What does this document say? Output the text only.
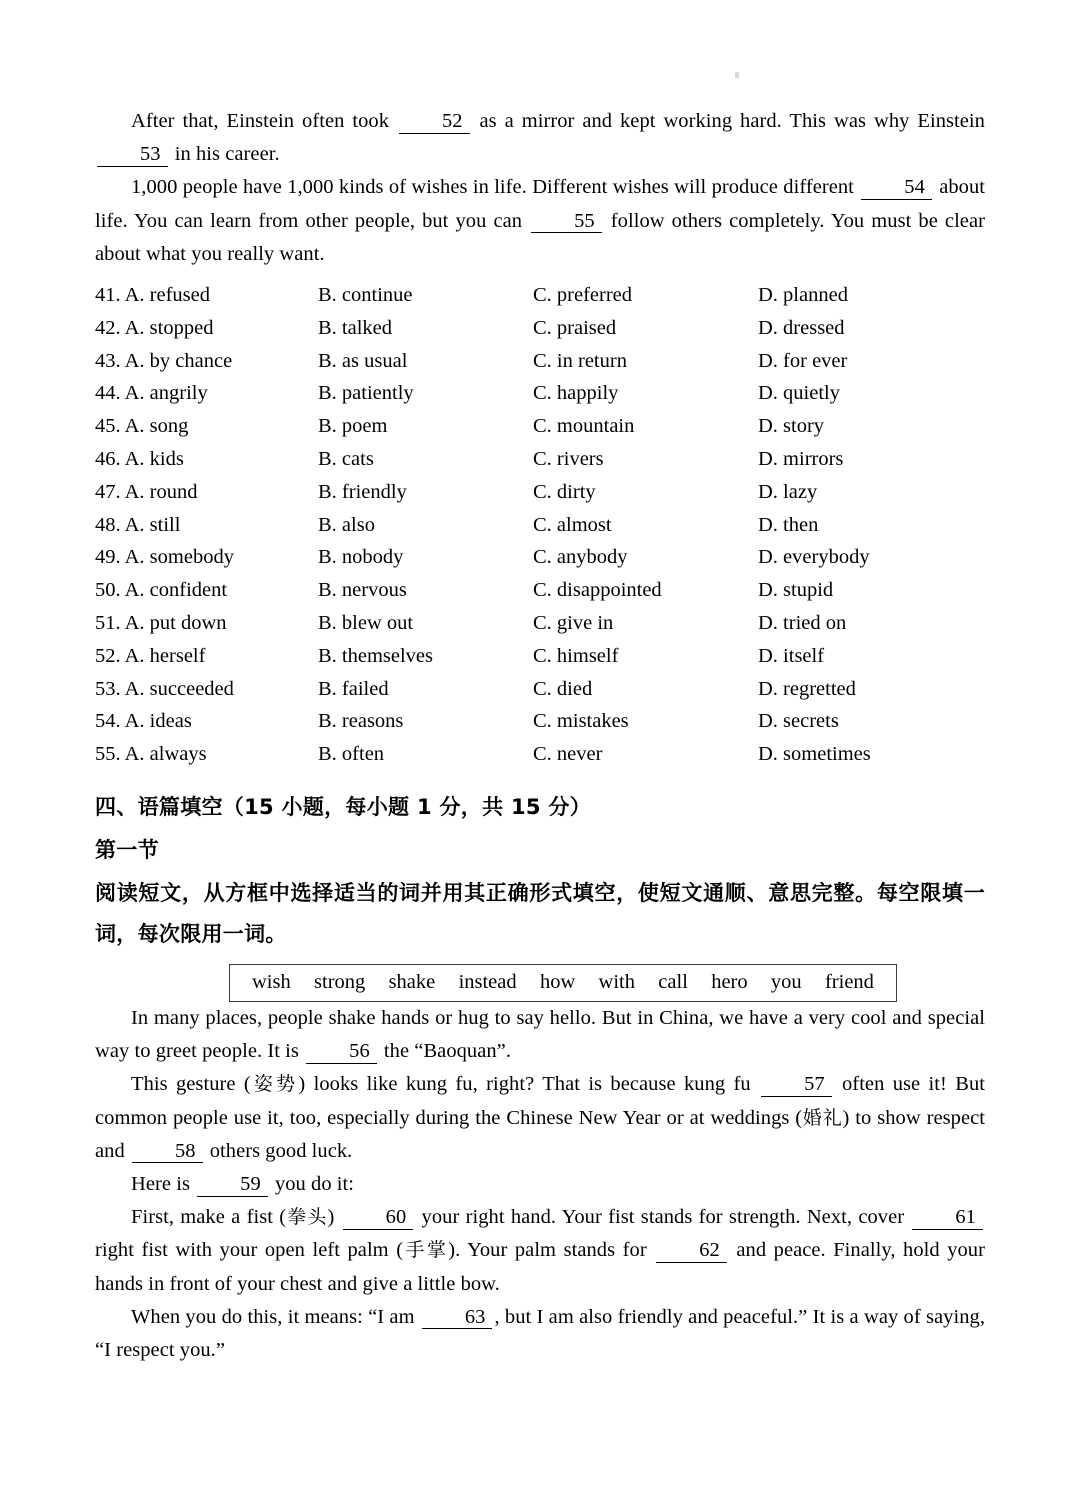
After that, Einstein often took 52 as a mirror and kept working hard. This was why Einstein 53 in his career.

1,000 people have 1,000 kinds of wishes in life. Different wishes will produce different 54 about life. You can learn from other people, but you can 55 follow others completely. You must be clear about what you really want.

41. A. refused	B. continue	C. preferred	D. planned
42. A. stopped	B. talked	C. praised	D. dressed
43. A. by chance	B. as usual	C. in return	D. for ever
44. A. angrily	B. patiently	C. happily	D. quietly
45. A. song	B. poem	C. mountain	D. story
46. A. kids	B. cats	C. rivers	D. mirrors
47. A. round	B. friendly	C. dirty	D. lazy
48. A. still	B. also	C. almost	D. then
49. A. somebody	B. nobody	C. anybody	D. everybody
50. A. confident	B. nervous	C. disappointed	D. stupid
51. A. put down	B. blew out	C. give in	D. tried on
52. A. herself	B. themselves	C. himself	D. itself
53. A. succeeded	B. failed	C. died	D. regretted
54. A. ideas	B. reasons	C. mistakes	D. secrets
55. A. always	B. often	C. never	D. sometimes

四、语篇填空（15 小题，每小题 1 分，共 15 分）

第一节

阅读短文，从方框中选择适当的词并用其正确形式填空，使短文通顺、意思完整。每空限填一词，每次限用一词。

wish strong shake instead how with call hero you friend

In many places, people shake hands or hug to say hello. But in China, we have a very cool and special way to greet people. It is 56 the “Baoquan”.

This gesture (姿势) looks like kung fu, right? That is because kung fu 57 often use it! But common people use it, too, especially during the Chinese New Year or at weddings (婚礼) to show respect and 58 others good luck.

Here is 59 you do it:

First, make a fist (拳头) 60 your right hand. Your fist stands for strength. Next, cover 61 right fist with your open left palm (手掌). Your palm stands for 62 and peace. Finally, hold your hands in front of your chest and give a little bow.

When you do this, it means: “I am 63 , but I am also friendly and peaceful.” It is a way of saying, “I respect you.”
